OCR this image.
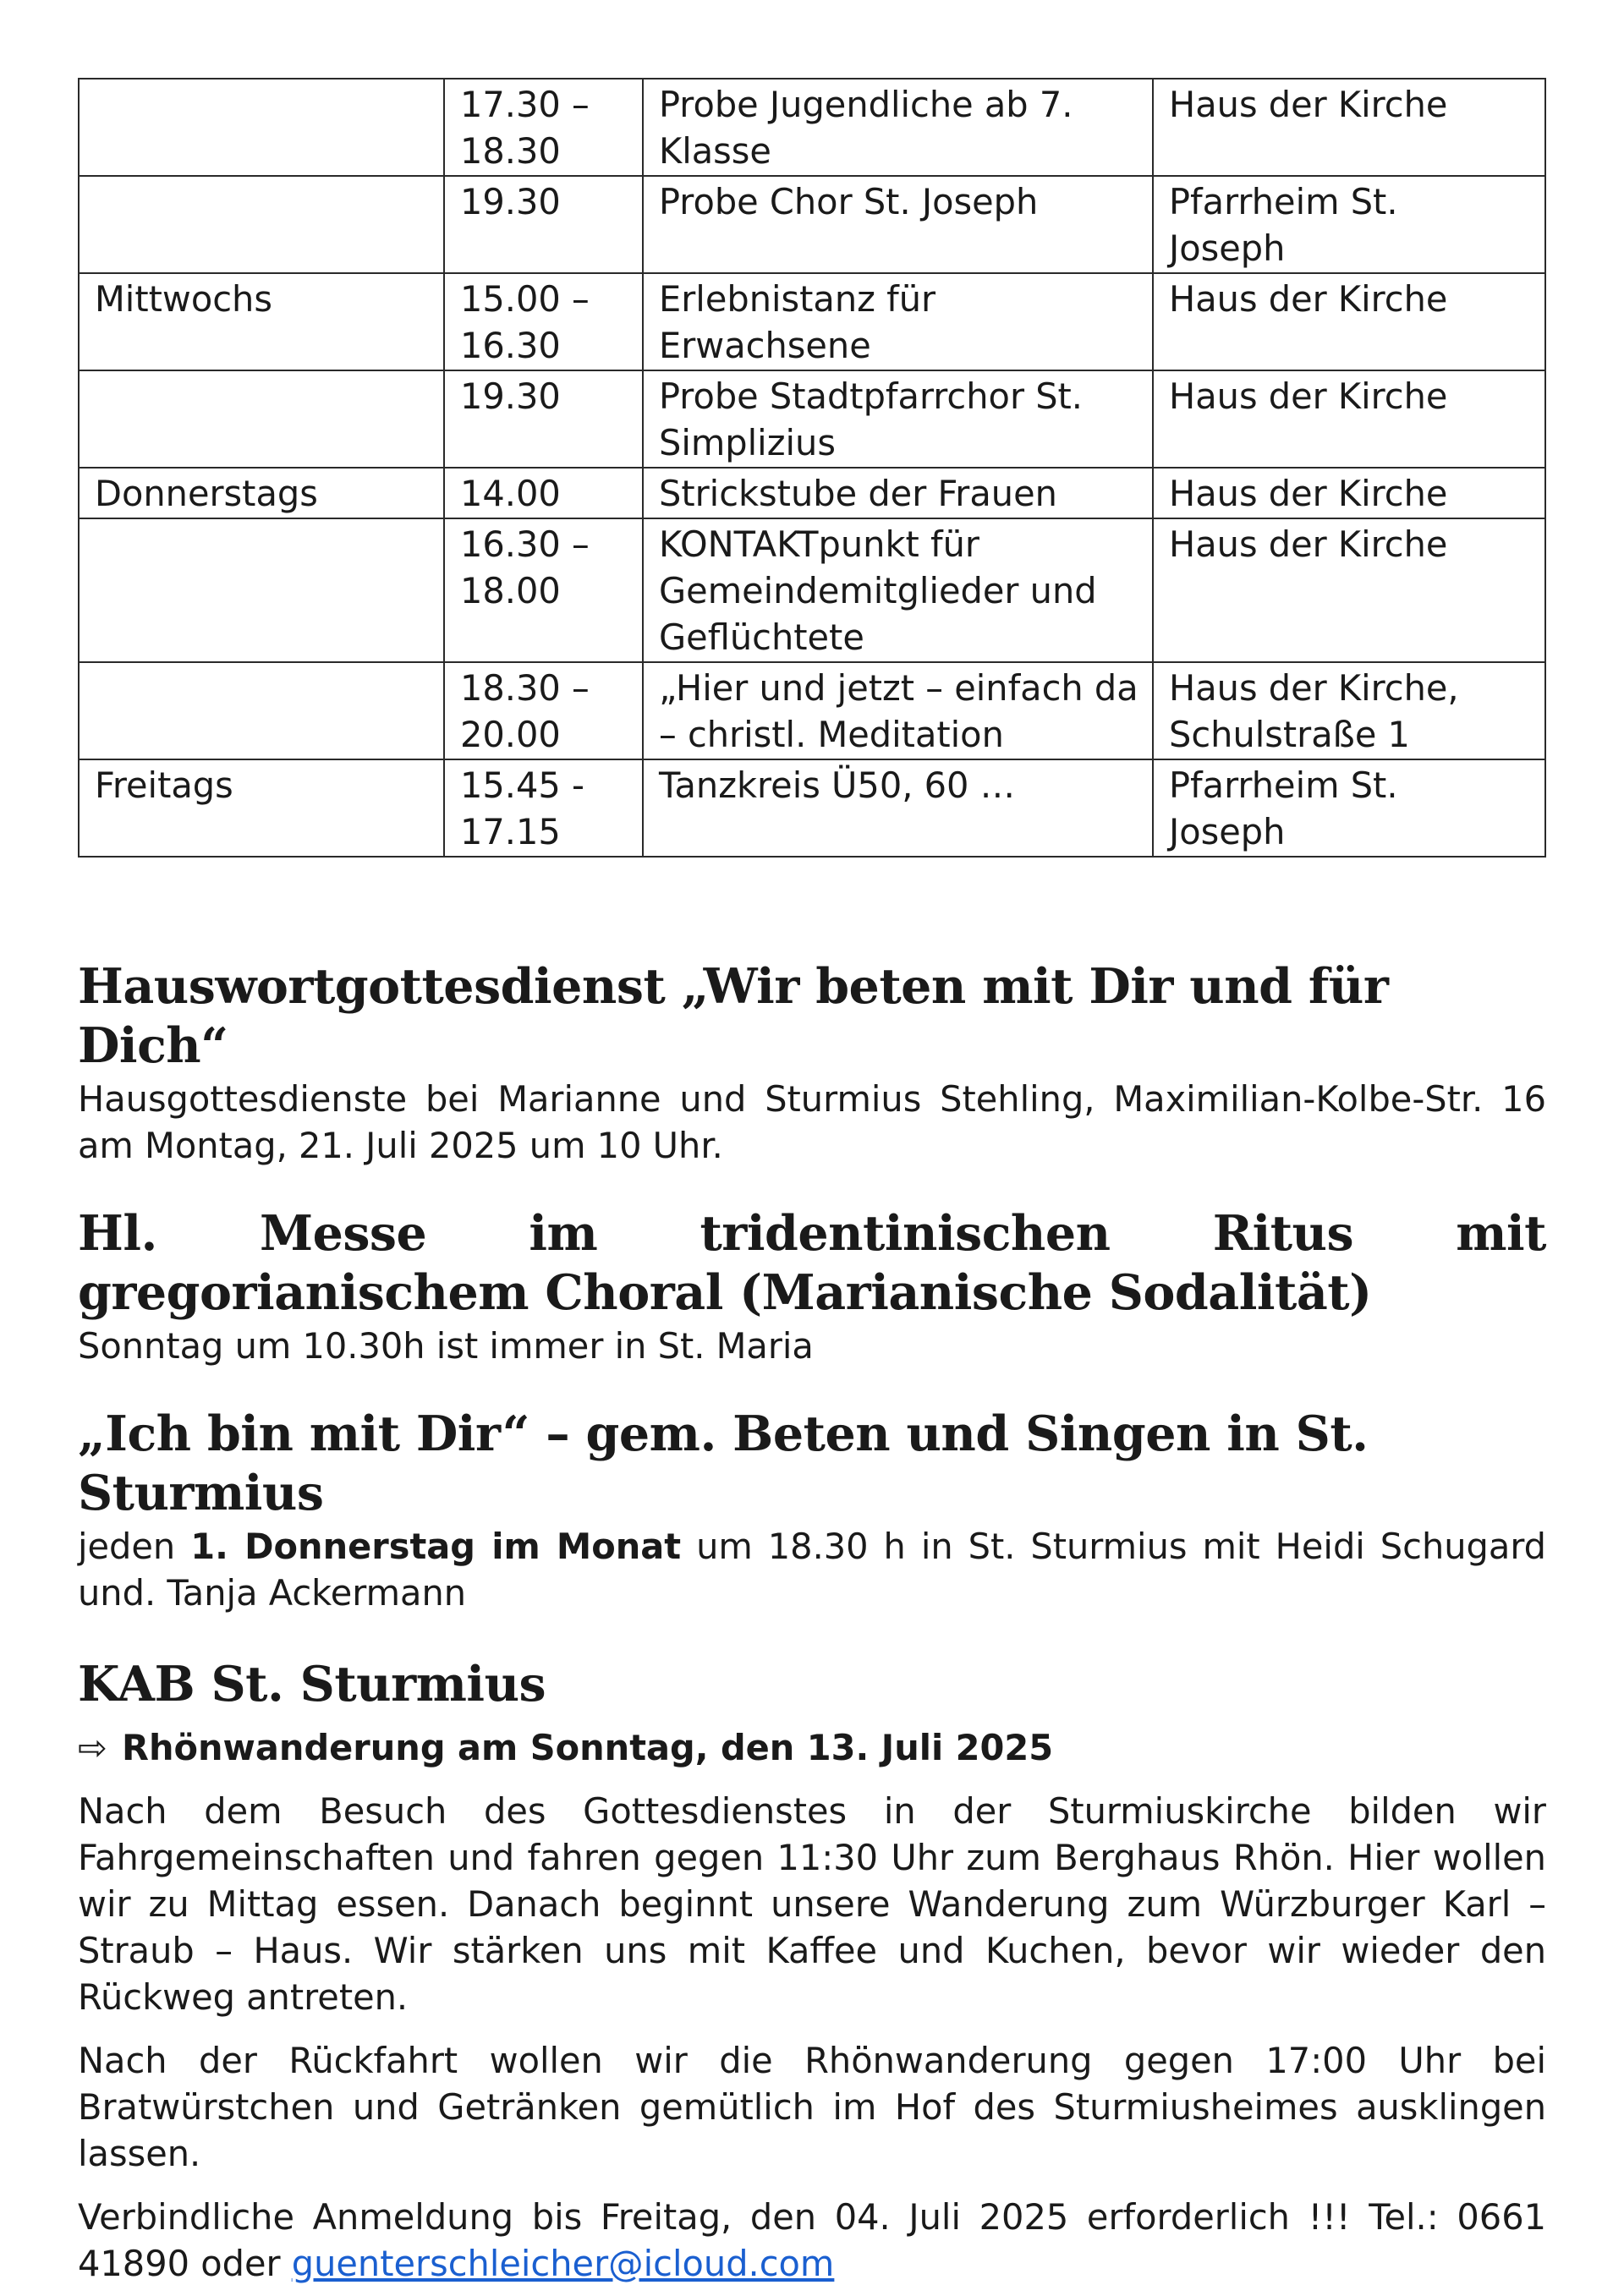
	17.30 – 18.30	Probe Jugendliche ab 7. Klasse	Haus der Kirche
	19.30	Probe Chor St. Joseph	Pfarrheim St. Joseph
Mittwochs	15.00 – 16.30	Erlebnistanz für Erwachsene	Haus der Kirche
	19.30	Probe Stadtpfarrchor St. Simplizius	Haus der Kirche
Donnerstags	14.00	Strickstube der Frauen	Haus der Kirche
	16.30 – 18.00	KONTAKTpunkt für Gemeindemitglieder und Geflüchtete	Haus der Kirche
	18.30 – 20.00	„Hier und jetzt – einfach da – christl. Meditation	Haus der Kirche, Schulstraße 1
Freitags	15.45 - 17.15	Tanzkreis Ü50, 60 …	Pfarrheim St. Joseph
Hauswortgottesdienst „Wir beten mit Dir und für Dich“

Hausgottesdienste bei Marianne und Sturmius Stehling, Maximilian-Kolbe-Str. 16 am Montag, 21. Juli 2025 um 10 Uhr.

Hl. Messe im tridentinischen Ritus mit gregorianischem Choral (Marianische Sodalität)

Sonntag um 10.30h ist immer in St. Maria

„Ich bin mit Dir“ – gem. Beten und Singen in St. Sturmius

jeden 1. Donnerstag im Monat um 18.30 h in St. Sturmius mit Heidi Schugard und. Tanja Ackermann

KAB St. Sturmius
⇨ Rhönwanderung am Sonntag, den 13. Juli 2025

Nach dem Besuch des Gottesdienstes in der Sturmiuskirche bilden wir Fahrgemeinschaften und fahren gegen 11:30 Uhr zum Berghaus Rhön. Hier wollen wir zu Mittag essen. Danach beginnt unsere Wanderung zum Würzburger Karl – Straub – Haus. Wir stärken uns mit Kaffee und Kuchen, bevor wir wieder den Rückweg antreten.

Nach der Rückfahrt wollen wir die Rhönwanderung gegen 17:00 Uhr bei Bratwürstchen und Getränken gemütlich im Hof des Sturmiusheimes ausklingen lassen.

Verbindliche Anmeldung bis Freitag, den 04. Juli 2025 erforderlich !!! Tel.: 0661 41890 oder guenterschleicher@icloud.com
